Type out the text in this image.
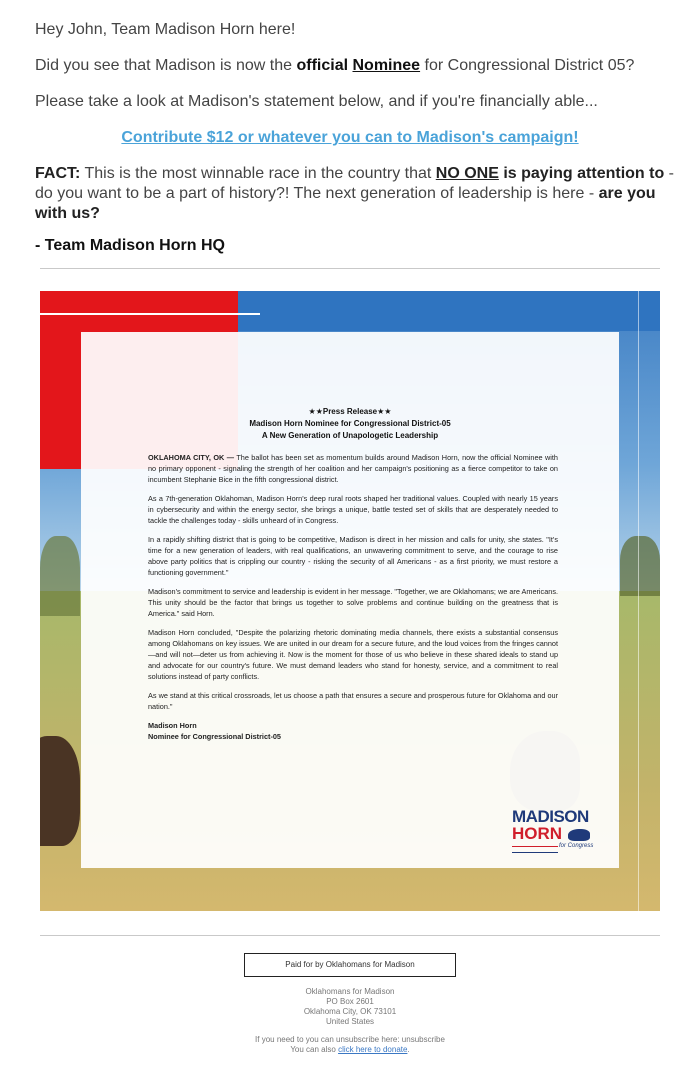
Hey John, Team Madison Horn here!

Did you see that Madison is now the official Nominee for Congressional District 05?

Please take a look at Madison's statement below, and if you're financially able...

Contribute $12 or whatever you can to Madison's campaign!

FACT: This is the most winnable race in the country that NO ONE is paying attention to - do you want to be a part of history?! The next generation of leadership is here - are you with us?

- Team Madison Horn HQ

★★Press Release★★
Madison Horn Nominee for Congressional District-05
A New Generation of Unapologetic Leadership

OKLAHOMA CITY, OK — The ballot has been set as momentum builds around Madison Horn, now the official Nominee with no primary opponent - signaling the strength of her coalition and her campaign's positioning as a fierce competitor to take on incumbent Stephanie Bice in the fifth congressional district.

As a 7th-generation Oklahoman, Madison Horn's deep rural roots shaped her traditional values. Coupled with nearly 15 years in cybersecurity and within the energy sector, she brings a unique, battle tested set of skills that are desperately needed to tackle the challenges today - skills unheard of in Congress.

In a rapidly shifting district that is going to be competitive, Madison is direct in her mission and calls for unity, she states. "It's time for a new generation of leaders, with real qualifications, an unwavering commitment to serve, and the courage to rise above party politics that is crippling our country - risking the security of all Americans - as a first priority, we must restore a functioning government."

Madison's commitment to service and leadership is evident in her message. "Together, we are Oklahomans; we are Americans. This unity should be the factor that brings us together to solve problems and continue building on the greatness that is America." said Horn.

Madison Horn concluded, "Despite the polarizing rhetoric dominating media channels, there exists a substantial consensus among Oklahomans on key issues. We are united in our dream for a secure future, and the loud voices from the fringes cannot—and will not—deter us from achieving it. Now is the moment for those of us who believe in these shared ideals to stand up and advocate for our country's future. We must demand leaders who stand for honesty, service, and a commitment to real solutions instead of party conflicts.

As we stand at this critical crossroads, let us choose a path that ensures a secure and prosperous future for Oklahoma and our nation."

Madison Horn
Nominee for Congressional District-05
MADISON
HORN
for Congress
Paid for by Oklahomans for Madison
Oklahomans for Madison
PO Box 2601
Oklahoma City, OK 73101
United States
If you need to you can unsubscribe here: unsubscribe
You can also click here to donate.
